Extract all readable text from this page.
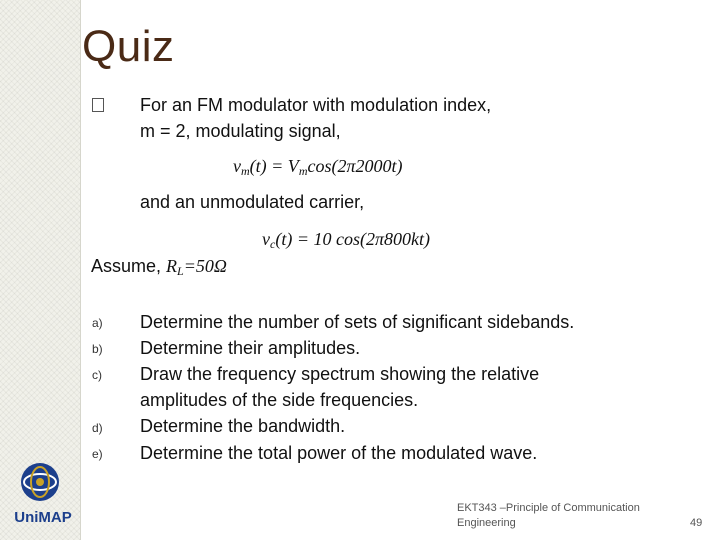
Quiz
For an FM modulator with modulation index,
m = 2, modulating signal,
$v_m(t) = V_m\cos(2\pi 2000t)$
and an unmodulated carrier,
$v_c(t) = 10$ cos(2π800kt)
Assume, $R_L=50\Omega$
a) Determine the number of sets of significant sidebands.
b) Determine their amplitudes.
c) Draw the frequency spectrum showing the relative
amplitudes of the side frequencies.
d) Determine the bandwidth.
e) Determine the total power of the modulated wave.
UniMAP
EKT343 –Principle of Communication
Engineering	49
